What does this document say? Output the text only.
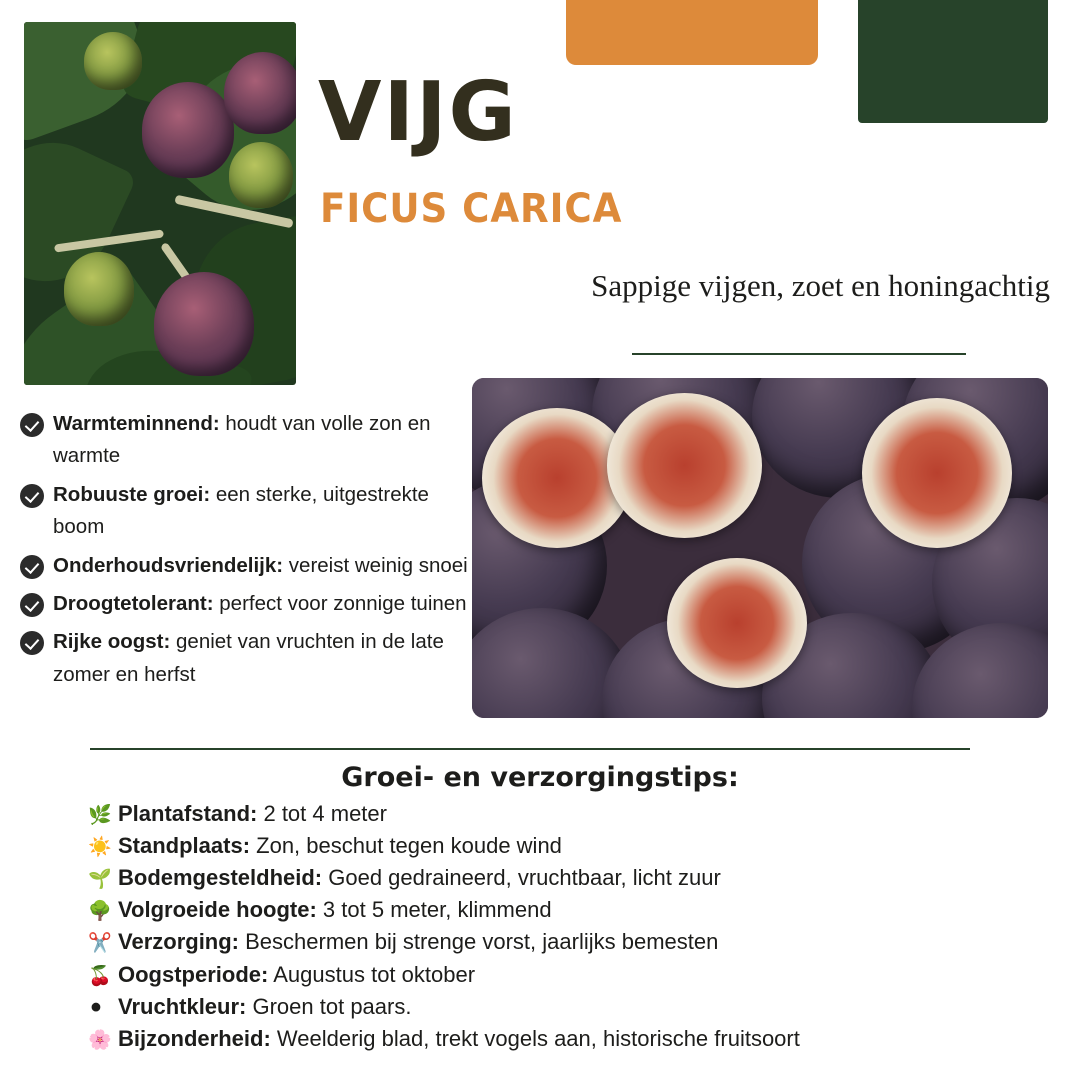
VIJG
FICUS CARICA
Sappige vijgen, zoet en honingachtig
Warmteminnend: houdt van volle zon en warmte
Robuuste groei: een sterke, uitgestrekte boom
Onderhoudsvriendelijk: vereist weinig snoei
Droogtetolerant: perfect voor zonnige tuinen
Rijke oogst: geniet van vruchten in de late zomer en herfst
Groei- en verzorgingstips:
🌿 Plantafstand: 2 tot 4 meter
☀️ Standplaats: Zon, beschut tegen koude wind
🌱 Bodemgesteldheid: Goed gedraineerd, vruchtbaar, licht zuur
🌳 Volgroeide hoogte: 3 tot 5 meter, klimmend
✂️ Verzorging: Beschermen bij strenge vorst, jaarlijks bemesten
🍒 Oogstperiode: Augustus tot oktober
⚫ Vruchtkleur: Groen tot paars.
🌸 Bijzonderheid: Weelderig blad, trekt vogels aan, historische fruitsoort
